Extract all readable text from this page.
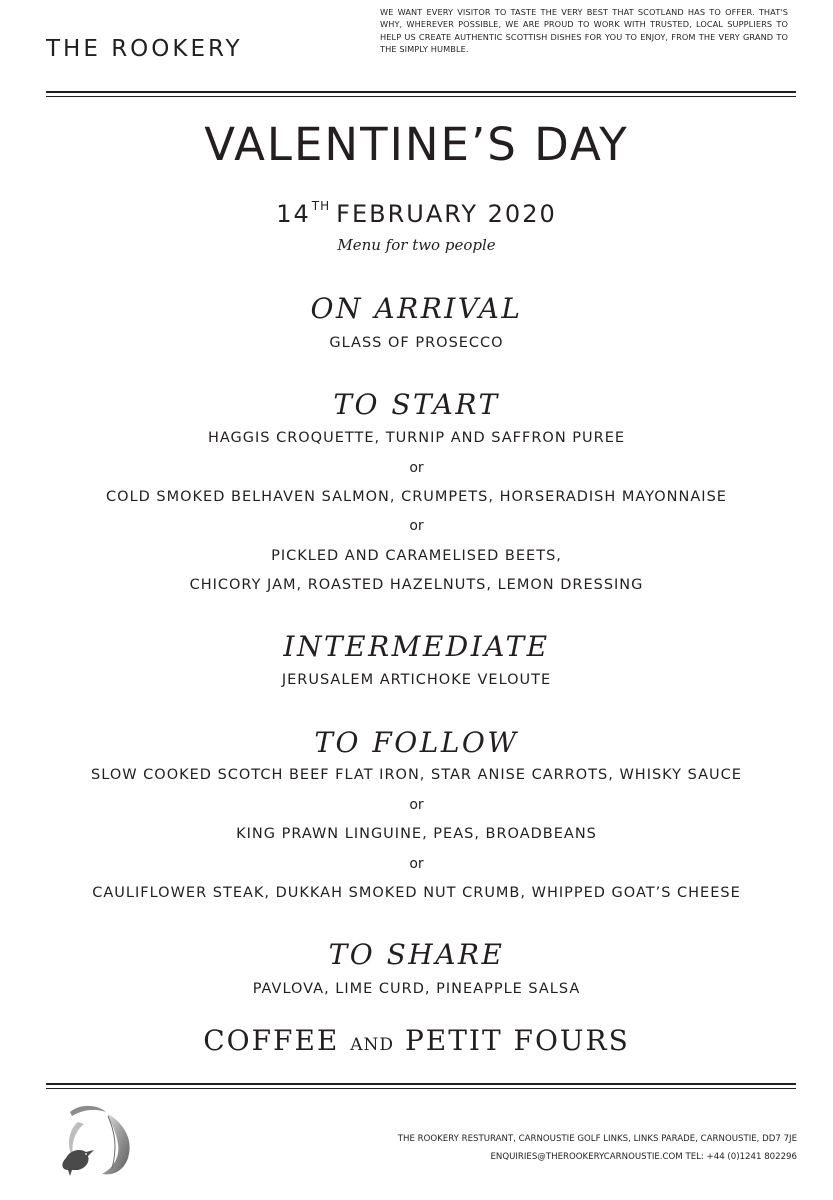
THE ROOKERY
WE WANT EVERY VISITOR TO TASTE THE VERY BEST THAT SCOTLAND HAS TO OFFER. THAT'S WHY, WHEREVER POSSIBLE, WE ARE PROUD TO WORK WITH TRUSTED, LOCAL SUPPLIERS TO HELP US CREATE AUTHENTIC SCOTTISH DISHES FOR YOU TO ENJOY, FROM THE VERY GRAND TO THE SIMPLY HUMBLE.
VALENTINE’S DAY
14TH FEBRUARY 2020
Menu for two people
ON ARRIVAL
GLASS OF PROSECCO
TO START
HAGGIS CROQUETTE, TURNIP AND SAFFRON PUREE
or
COLD SMOKED BELHAVEN SALMON, CRUMPETS, HORSERADISH MAYONNAISE
or
PICKLED AND CARAMELISED BEETS,
CHICORY JAM, ROASTED HAZELNUTS, LEMON DRESSING
INTERMEDIATE
JERUSALEM ARTICHOKE VELOUTE
TO FOLLOW
SLOW COOKED SCOTCH BEEF FLAT IRON, STAR ANISE CARROTS, WHISKY SAUCE
or
KING PRAWN LINGUINE, PEAS, BROADBEANS
or
CAULIFLOWER STEAK, DUKKAH SMOKED NUT CRUMB, WHIPPED GOAT’S CHEESE
TO SHARE
PAVLOVA, LIME CURD, PINEAPPLE SALSA
COFFEE AND PETIT FOURS
THE ROOKERY RESTURANT, CARNOUSTIE GOLF LINKS, LINKS PARADE, CARNOUSTIE, DD7 7JE
ENQUIRIES@THEROOKERYCARNOUSTIE.COM TEL: +44 (0)1241 802296
